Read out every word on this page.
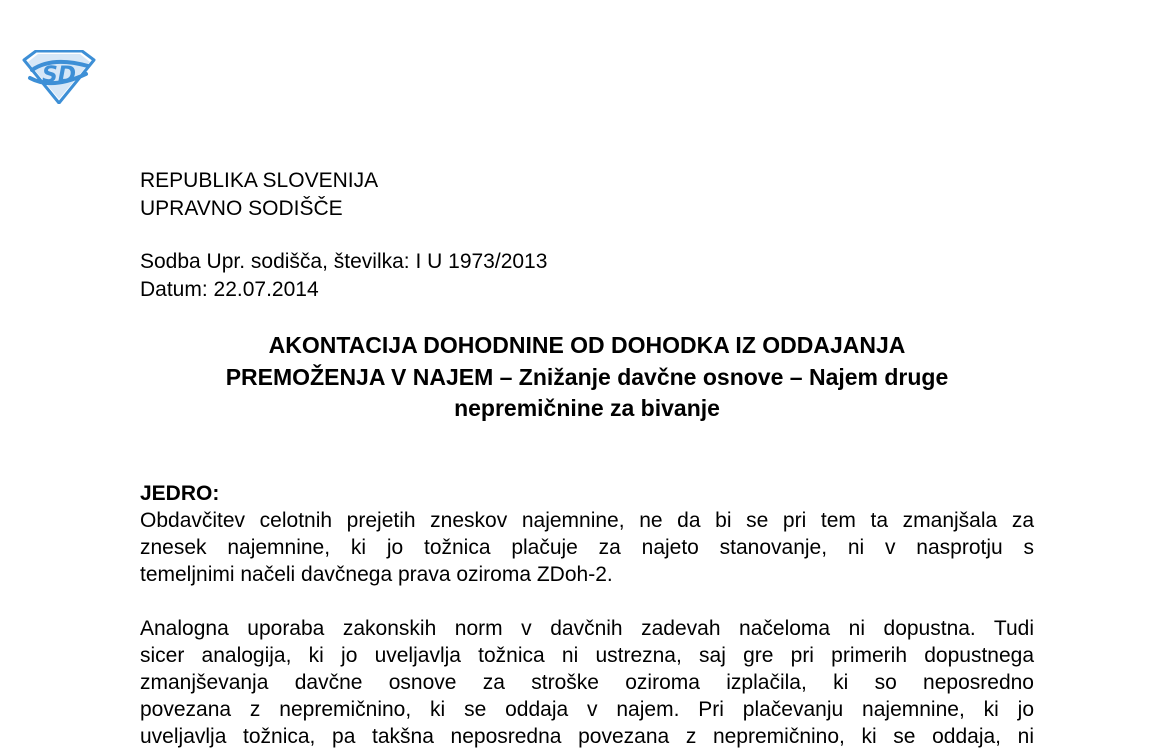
SD
REPUBLIKA SLOVENIJA
UPRAVNO SODIŠČE
Sodba Upr. sodišča, številka: I U 1973/2013
Datum: 22.07.2014
AKONTACIJA DOHODNINE OD DOHODKA IZ ODDAJANJA
PREMOŽENJA V NAJEM – Znižanje davčne osnove – Najem druge
nepremičnine za bivanje
JEDRO:
Obdavčitev celotnih prejetih zneskov najemnine, ne da bi se pri tem ta zmanjšala za
znesek najemnine, ki jo tožnica plačuje za najeto stanovanje, ni v nasprotju s
temeljnimi načeli davčnega prava oziroma ZDoh-2.
Analogna uporaba zakonskih norm v davčnih zadevah načeloma ni dopustna. Tudi
sicer analogija, ki jo uveljavlja tožnica ni ustrezna, saj gre pri primerih dopustnega
zmanjševanja davčne osnove za stroške oziroma izplačila, ki so neposredno
povezana z nepremičnino, ki se oddaja v najem. Pri plačevanju najemnine, ki jo
uveljavlja tožnica, pa takšna neposredna povezana z nepremičnino, ki se oddaja, ni
